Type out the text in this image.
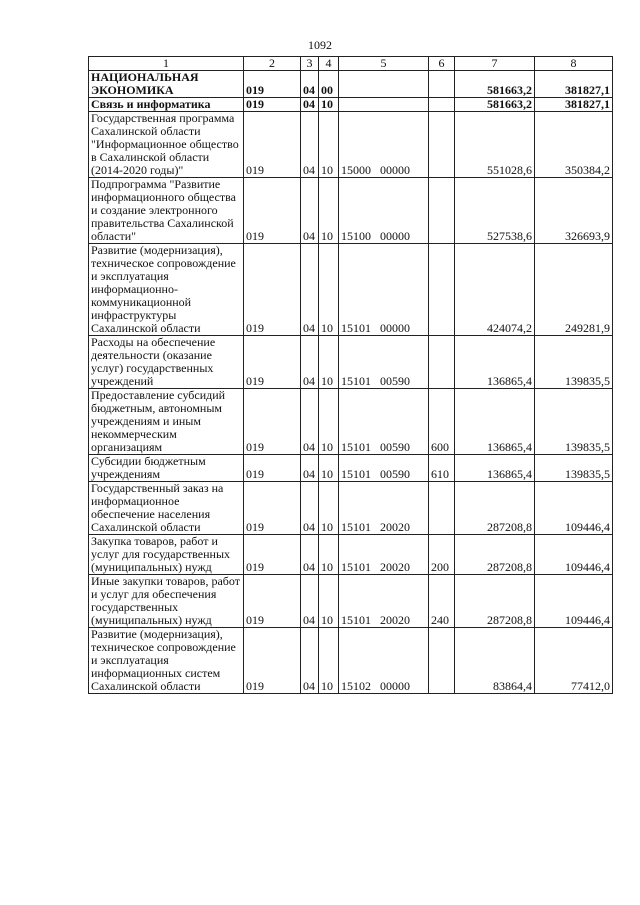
1092
1	2	3	4	5	6	7	8
НАЦИОНАЛЬНАЯ ЭКОНОМИКА	019	04	00			581663,2	381827,1
Связь и информатика	019	04	10			581663,2	381827,1
Государственная программа Сахалинской области "Информационное общество в Сахалинской области (2014-2020 годы)"	019	04	10	15000 00000		551028,6	350384,2
Подпрограмма "Развитие информационного общества и создание электронного правительства Сахалинской области"	019	04	10	15100 00000		527538,6	326693,9
Развитие (модернизация), техническое сопровождение и эксплуатация информационно-коммуникационной инфраструктуры Сахалинской области	019	04	10	15101 00000		424074,2	249281,9
Расходы на обеспечение деятельности (оказание услуг) государственных учреждений	019	04	10	15101 00590		136865,4	139835,5
Предоставление субсидий бюджетным, автономным учреждениям и иным некоммерческим организациям	019	04	10	15101 00590	600	136865,4	139835,5
Субсидии бюджетным учреждениям	019	04	10	15101 00590	610	136865,4	139835,5
Государственный заказ на информационное обеспечение населения Сахалинской области	019	04	10	15101 20020		287208,8	109446,4
Закупка товаров, работ и услуг для государственных (муниципальных) нужд	019	04	10	15101 20020	200	287208,8	109446,4
Иные закупки товаров, работ и услуг для обеспечения государственных (муниципальных) нужд	019	04	10	15101 20020	240	287208,8	109446,4
Развитие (модернизация), техническое сопровождение и эксплуатация информационных систем Сахалинской области	019	04	10	15102 00000		83864,4	77412,0
